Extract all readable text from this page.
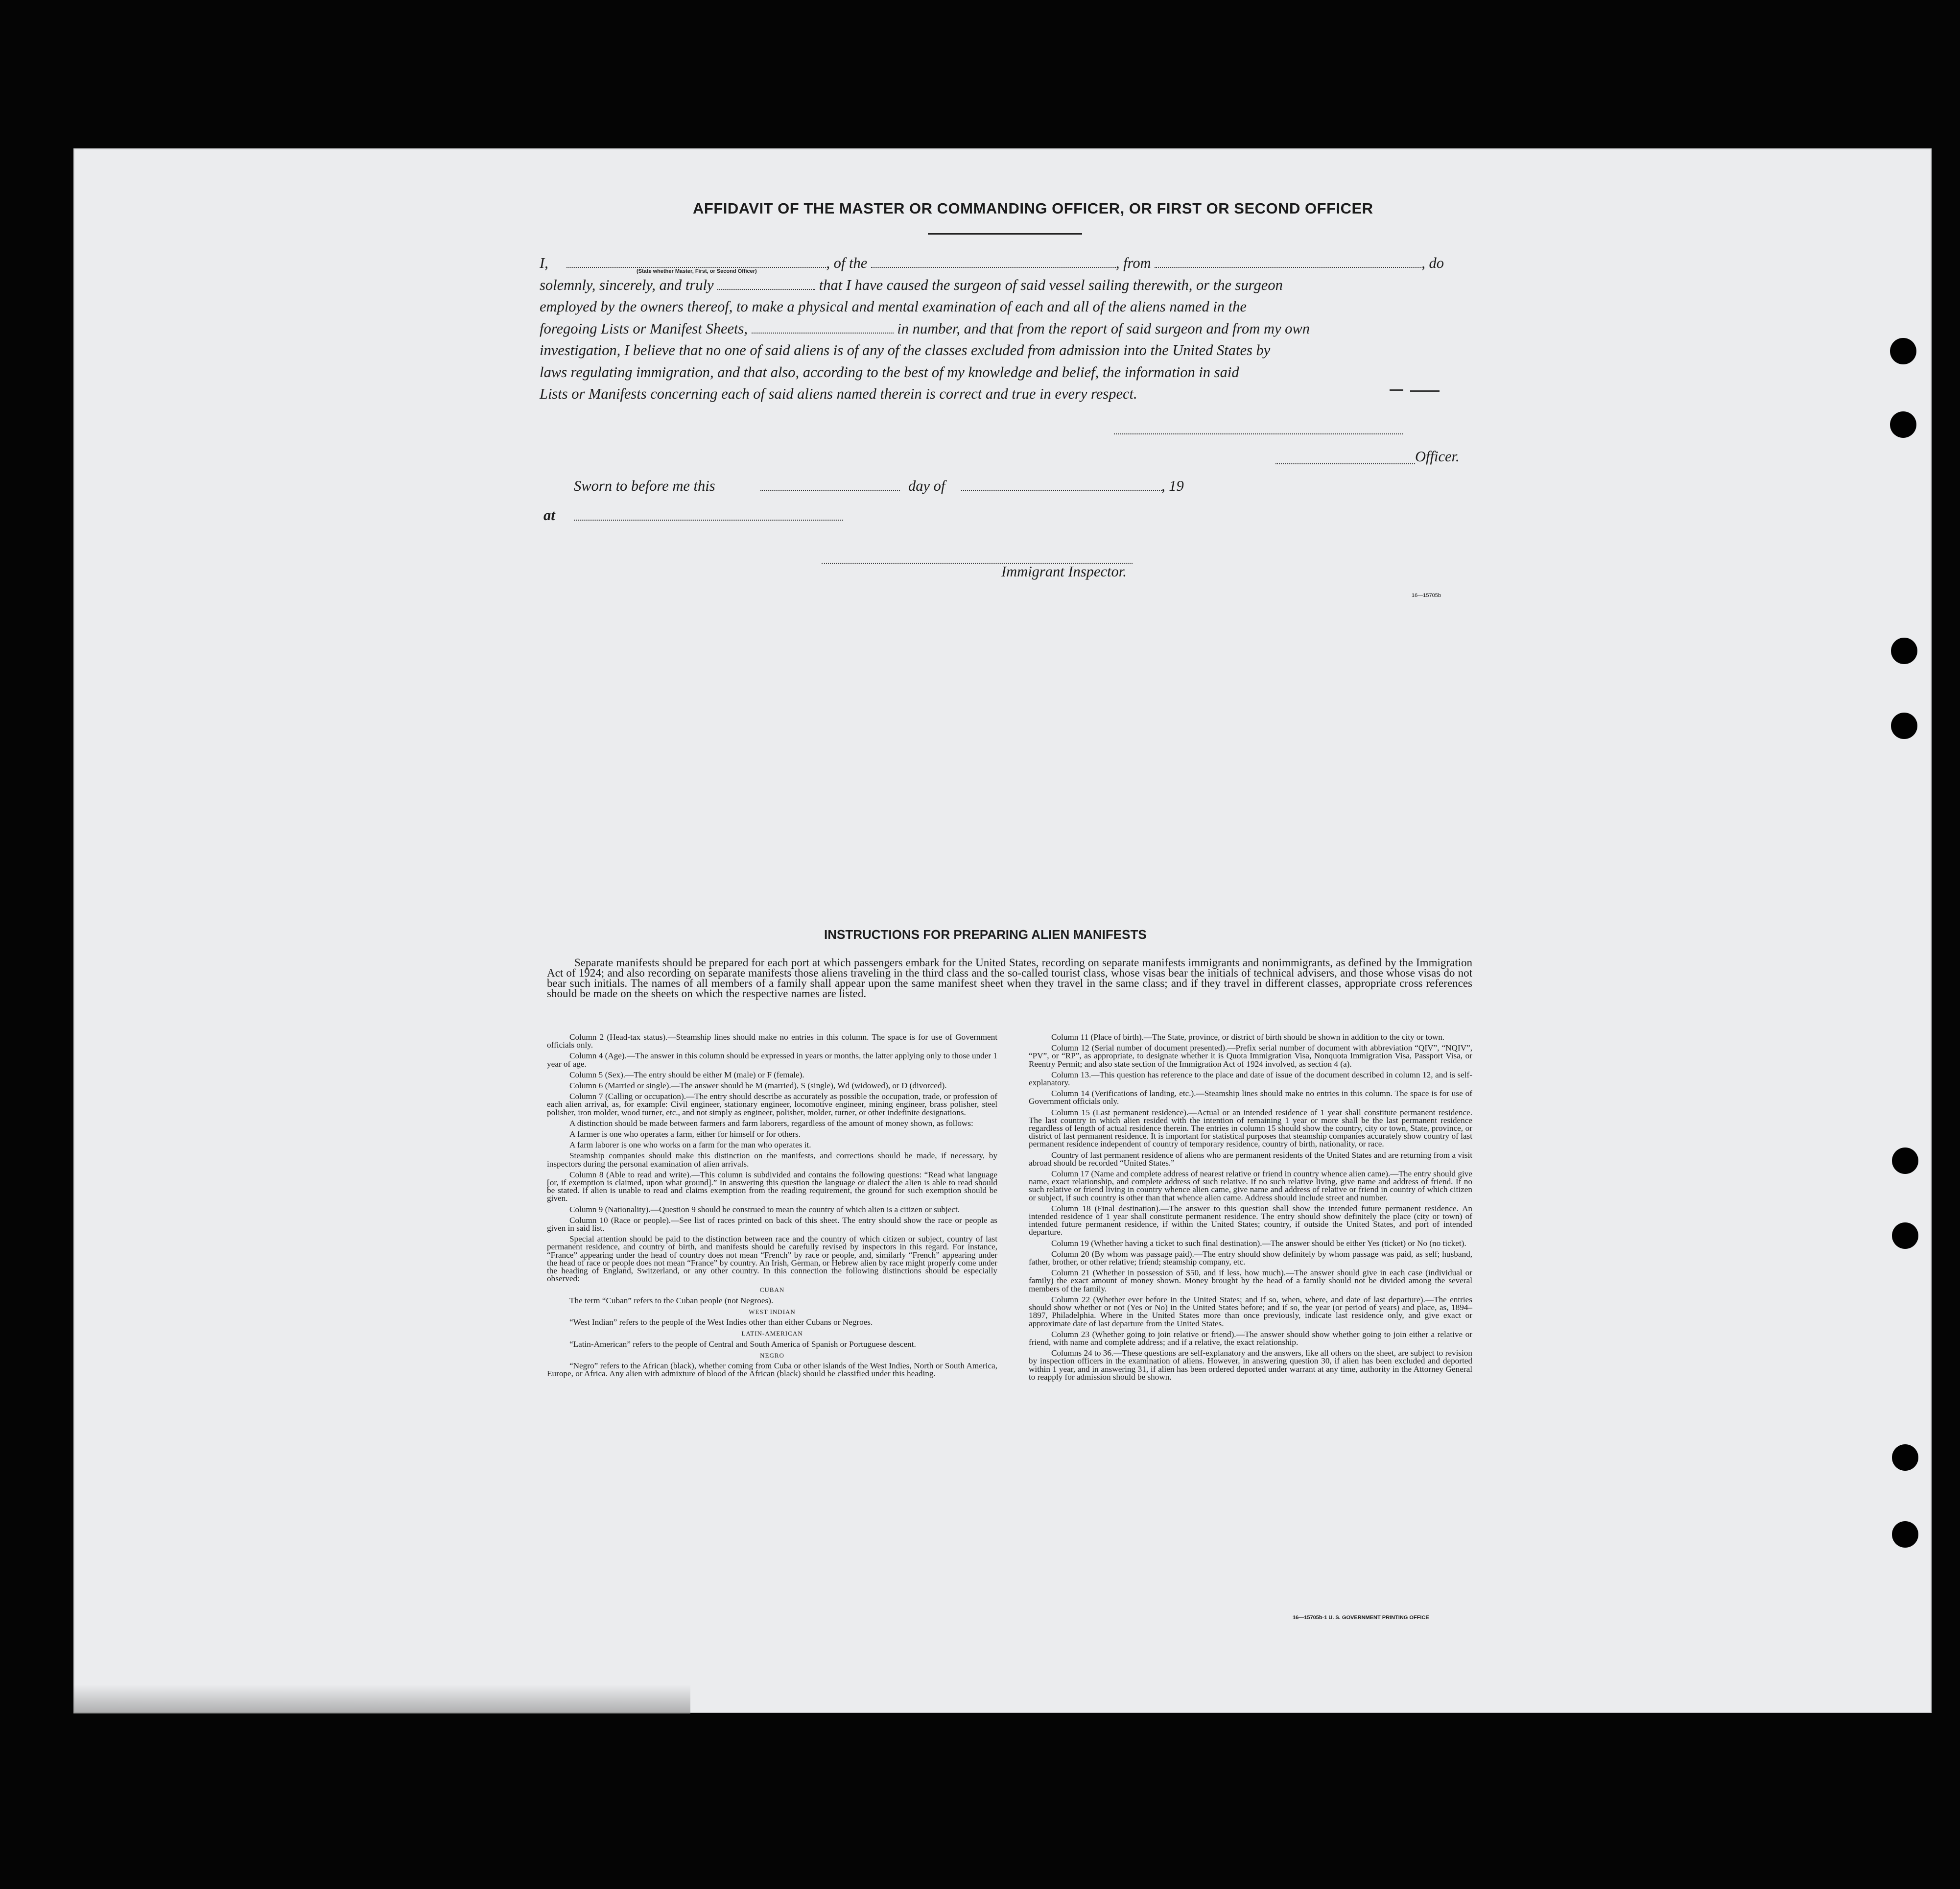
AFFIDAVIT OF THE MASTER OR COMMANDING OFFICER, OR FIRST OR SECOND OFFICER
I,	, of the	, from	, do
solemnly, sincerely, and truly	that I have caused the surgeon of said vessel sailing therewith, or the surgeon
employed by the owners thereof, to make a physical and mental examination of each and all of the aliens named in the
foregoing Lists or Manifest Sheets,	in number, and that from the report of said surgeon and from my own
investigation, I believe that no one of said aliens is of any of the classes excluded from admission into the United States by
laws regulating immigration, and that also, according to the best of my knowledge and belief, the information in said
Lists or Manifests concerning each of said aliens named therein is correct and true in every respect.
(State whether Master, First, or Second Officer)
Officer.
Sworn to before me this	day of	, 19
at
Immigrant Inspector.
16—15705b
INSTRUCTIONS FOR PREPARING ALIEN MANIFESTS
Separate manifests should be prepared for each port at which passengers embark for the United States, recording on separate manifests immigrants and nonimmigrants, as defined by the Immigration Act of 1924; and also recording on separate manifests those aliens traveling in the third class and the so-called tourist class, whose visas bear the initials of technical advisers, and those whose visas do not bear such initials. The names of all members of a family shall appear upon the same manifest sheet when they travel in the same class; and if they travel in different classes, appropriate cross references should be made on the sheets on which the respective names are listed.

Column 2 (Head-tax status).—Steamship lines should make no entries in this column. The space is for use of Government officials only.

Column 4 (Age).—The answer in this column should be expressed in years or months, the latter applying only to those under 1 year of age.

Column 5 (Sex).—The entry should be either M (male) or F (female).

Column 6 (Married or single).—The answer should be M (married), S (single), Wd (widowed), or D (divorced).

Column 7 (Calling or occupation).—The entry should describe as accurately as possible the occupation, trade, or profession of each alien arrival, as, for example: Civil engineer, stationary engineer, locomotive engineer, mining engineer, brass polisher, steel polisher, iron molder, wood turner, etc., and not simply as engineer, polisher, molder, turner, or other indefinite designations.

A distinction should be made between farmers and farm laborers, regardless of the amount of money shown, as follows:

A farmer is one who operates a farm, either for himself or for others.

A farm laborer is one who works on a farm for the man who operates it.

Steamship companies should make this distinction on the manifests, and corrections should be made, if necessary, by inspectors during the personal examination of alien arrivals.

Column 8 (Able to read and write).—This column is subdivided and contains the following questions: “Read what language [or, if exemption is claimed, upon what ground].” In answering this question the language or dialect the alien is able to read should be stated. If alien is unable to read and claims exemption from the reading requirement, the ground for such exemption should be given.

Column 9 (Nationality).—Question 9 should be construed to mean the country of which alien is a citizen or subject.

Column 10 (Race or people).—See list of races printed on back of this sheet. The entry should show the race or people as given in said list.

Special attention should be paid to the distinction between race and the country of which citizen or subject, country of last permanent residence, and country of birth, and manifests should be carefully revised by inspectors in this regard. For instance, “France” appearing under the head of country does not mean “French” by race or people, and, similarly “French” appearing under the head of race or people does not mean “France” by country. An Irish, German, or Hebrew alien by race might properly come under the heading of England, Switzerland, or any other country. In this connection the following distinctions should be especially observed:

CUBAN

The term “Cuban” refers to the Cuban people (not Negroes).

WEST INDIAN

“West Indian” refers to the people of the West Indies other than either Cubans or Negroes.

LATIN-AMERICAN

“Latin-American” refers to the people of Central and South America of Spanish or Portuguese descent.

NEGRO

“Negro” refers to the African (black), whether coming from Cuba or other islands of the West Indies, North or South America, Europe, or Africa. Any alien with admixture of blood of the African (black) should be classified under this heading.

Column 11 (Place of birth).—The State, province, or district of birth should be shown in addition to the city or town.

Column 12 (Serial number of document presented).—Prefix serial number of document with abbreviation “QIV”, “NQIV”, “PV”, or “RP”, as appropriate, to designate whether it is Quota Immigration Visa, Nonquota Immigration Visa, Passport Visa, or Reentry Permit; and also state section of the Immigration Act of 1924 involved, as section 4 (a).

Column 13.—This question has reference to the place and date of issue of the document described in column 12, and is self-explanatory.

Column 14 (Verifications of landing, etc.).—Steamship lines should make no entries in this column. The space is for use of Government officials only.

Column 15 (Last permanent residence).—Actual or an intended residence of 1 year shall constitute permanent residence. The last country in which alien resided with the intention of remaining 1 year or more shall be the last permanent residence regardless of length of actual residence therein. The entries in column 15 should show the country, city or town, State, province, or district of last permanent residence. It is important for statistical purposes that steamship companies accurately show country of last permanent residence independent of country of temporary residence, country of birth, nationality, or race.

Country of last permanent residence of aliens who are permanent residents of the United States and are returning from a visit abroad should be recorded “United States.”

Column 17 (Name and complete address of nearest relative or friend in country whence alien came).—The entry should give name, exact relationship, and complete address of such relative. If no such relative living, give name and address of friend. If no such relative or friend living in country whence alien came, give name and address of relative or friend in country of which citizen or subject, if such country is other than that whence alien came. Address should include street and number.

Column 18 (Final destination).—The answer to this question shall show the intended future permanent residence. An intended residence of 1 year shall constitute permanent residence. The entry should show definitely the place (city or town) of intended future permanent residence, if within the United States; country, if outside the United States, and port of intended departure.

Column 19 (Whether having a ticket to such final destination).—The answer should be either Yes (ticket) or No (no ticket).

Column 20 (By whom was passage paid).—The entry should show definitely by whom passage was paid, as self; husband, father, brother, or other relative; friend; steamship company, etc.

Column 21 (Whether in possession of $50, and if less, how much).—The answer should give in each case (individual or family) the exact amount of money shown. Money brought by the head of a family should not be divided among the several members of the family.

Column 22 (Whether ever before in the United States; and if so, when, where, and date of last departure).—The entries should show whether or not (Yes or No) in the United States before; and if so, the year (or period of years) and place, as, 1894–1897, Philadelphia. Where in the United States more than once previously, indicate last residence only, and give exact or approximate date of last departure from the United States.

Column 23 (Whether going to join relative or friend).—The answer should show whether going to join either a relative or friend, with name and complete address; and if a relative, the exact relationship.

Columns 24 to 36.—These questions are self-explanatory and the answers, like all others on the sheet, are subject to revision by inspection officers in the examination of aliens. However, in answering question 30, if alien has been excluded and deported within 1 year, and in answering 31, if alien has been ordered deported under warrant at any time, authority in the Attorney General to reapply for admission should be shown.

16—15705b-1 U. S. GOVERNMENT PRINTING OFFICE
